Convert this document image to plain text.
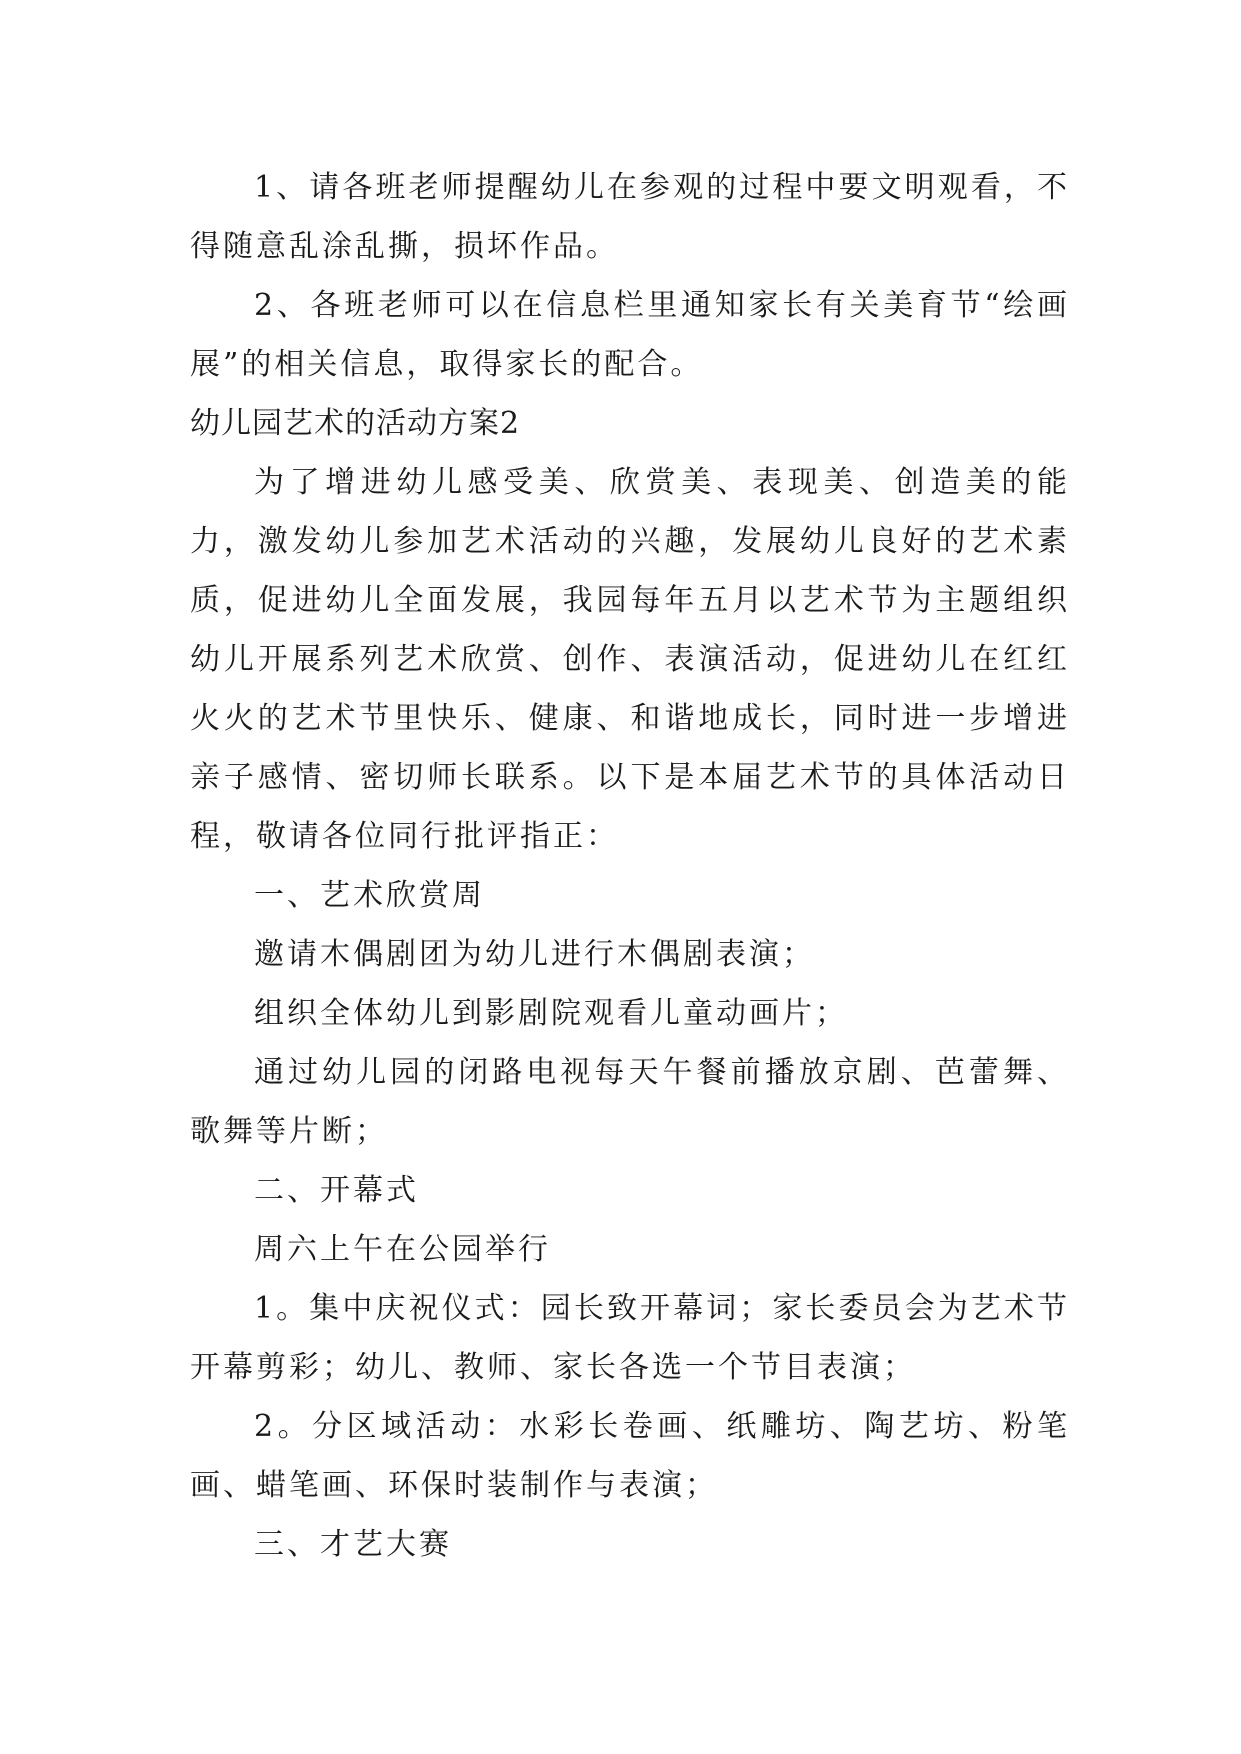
1、请各班老师提醒幼儿在参观的过程中要文明观看，不得随意乱涂乱撕，损坏作品。

2、各班老师可以在信息栏里通知家长有关美育节“绘画展”的相关信息，取得家长的配合。

幼儿园艺术的活动方案2

为了增进幼儿感受美、欣赏美、表现美、创造美的能力，激发幼儿参加艺术活动的兴趣，发展幼儿良好的艺术素质，促进幼儿全面发展，我园每年五月以艺术节为主题组织幼儿开展系列艺术欣赏、创作、表演活动，促进幼儿在红红火火的艺术节里快乐、健康、和谐地成长，同时进一步增进亲子感情、密切师长联系。以下是本届艺术节的具体活动日程，敬请各位同行批评指正：

一、艺术欣赏周

邀请木偶剧团为幼儿进行木偶剧表演；

组织全体幼儿到影剧院观看儿童动画片；

通过幼儿园的闭路电视每天午餐前播放京剧、芭蕾舞、歌舞等片断；

二、开幕式

周六上午在公园举行

1。集中庆祝仪式：园长致开幕词；家长委员会为艺术节开幕剪彩；幼儿、教师、家长各选一个节目表演；

2。分区域活动：水彩长卷画、纸雕坊、陶艺坊、粉笔画、蜡笔画、环保时装制作与表演；

三、才艺大赛
